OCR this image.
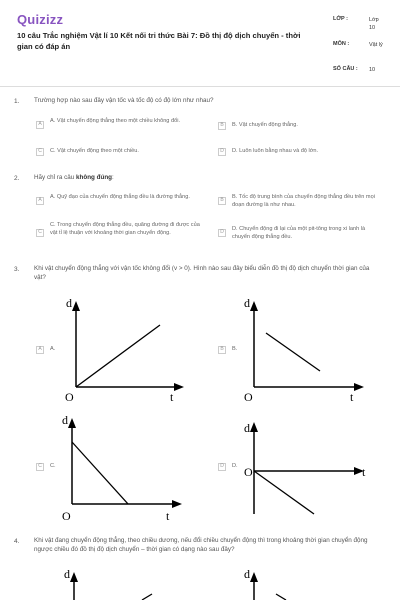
Quizizz
10 câu Trắc nghiệm Vật lí 10 Kết nối tri thức Bài 7: Đồ thị độ dịch chuyển - thời gian có đáp án
LỚP :	Lớp 10
MÔN :	Vật lý
SỐ CÂU :	10
1. Trường hợp nào sau đây vận tốc và tốc độ có độ lớn như nhau?
A
A. Vật chuyển động thẳng theo một chiều không đổi.
B	B. Vật chuyển động thẳng.
C	C. Vật chuyển động theo một chiều.	D	D. Luôn luôn bằng nhau và độ lớn.
2. Hãy chỉ ra câu không đúng:
A
A. Quỹ đạo của chuyển động thẳng đều là đường thẳng.
B
B. Tốc độ trung bình của chuyển động thẳng đều trên mọi đoạn đường là như nhau.
C
C. Trong chuyển động thẳng đều, quãng đường đi được của vật tỉ lệ thuận với khoảng thời gian chuyển động.	D
D. Chuyển động đi lại của một pit-tông trong xi lanh là chuyển động thẳng đều.
3. Khi vật chuyển động thẳng với vận tốc không đổi (v > 0). Hình nào sau đây biểu diễn đồ thị độ dịch chuyển thời gian của vật?
A	A.	B	B.
C	C.	D	D.
d
O	t
d
O	t
d
O	t
d
O	t
4. Khi vật đang chuyển động thẳng, theo chiều dương, nếu đổi chiều chuyển động thì trong khoảng thời gian chuyển động ngược chiều đó đồ thị độ dịch chuyển – thời gian có dạng nào sau đây?
d	d
